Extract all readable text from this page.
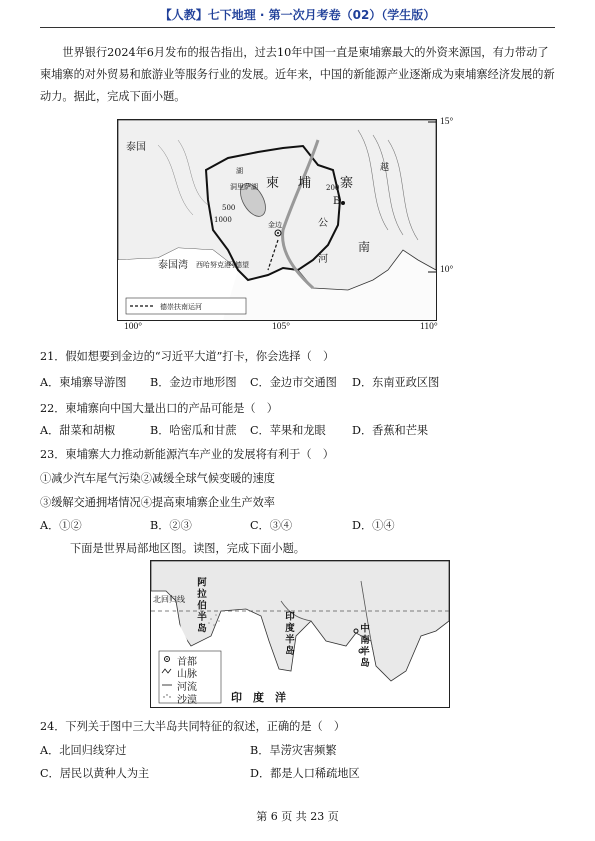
【人教】七下地理 · 第一次月考卷（02）（学生版）
世界银行2024年6月发布的报告指出，过去10年中国一直是柬埔寨最大的外资来源国，有力带动了柬埔寨的对外贸易和旅游业等服务行业的发展。近年来，中国的新能源产业逐渐成为柬埔寨经济发展的新动力。据此，完成下面小题。
泰国
柬 埔 寨
公
河
南
越
B
湖
洞里萨湖
金边
马德望
西哈努克港
泰国湾
1000
500
200
德崇扶南运河
15°
10°
100°	105°	110°
21．假如想要到金边的“习近平大道”打卡，你会选择（　）
A．柬埔寨导游图 B．金边市地形图 C．金边市交通图 D．东南亚政区图
22．柬埔寨向中国大量出口的产品可能是（　）
A．甜菜和胡椒	B．哈密瓜和甘蔗 C．苹果和龙眼 D．香蕉和芒果
23．柬埔寨大力推动新能源汽车产业的发展将有利于（　）
①减少汽车尾气污染②减缓全球气候变暖的速度
③缓解交通拥堵情况④提高柬埔寨企业生产效率
A．①②	B．②③	C．③④	D．①④
下面是世界局部地区图。读图，完成下面小题。
北回归线 阿拉伯半岛	印度半岛	中南半岛
印　度　洋
首都
山脉
河流
沙漠
24．下列关于图中三大半岛共同特征的叙述，正确的是（　）
A．北回归线穿过	B．旱涝灾害频繁
C．居民以黄种人为主	D．都是人口稀疏地区
第 6 页 共 23 页
